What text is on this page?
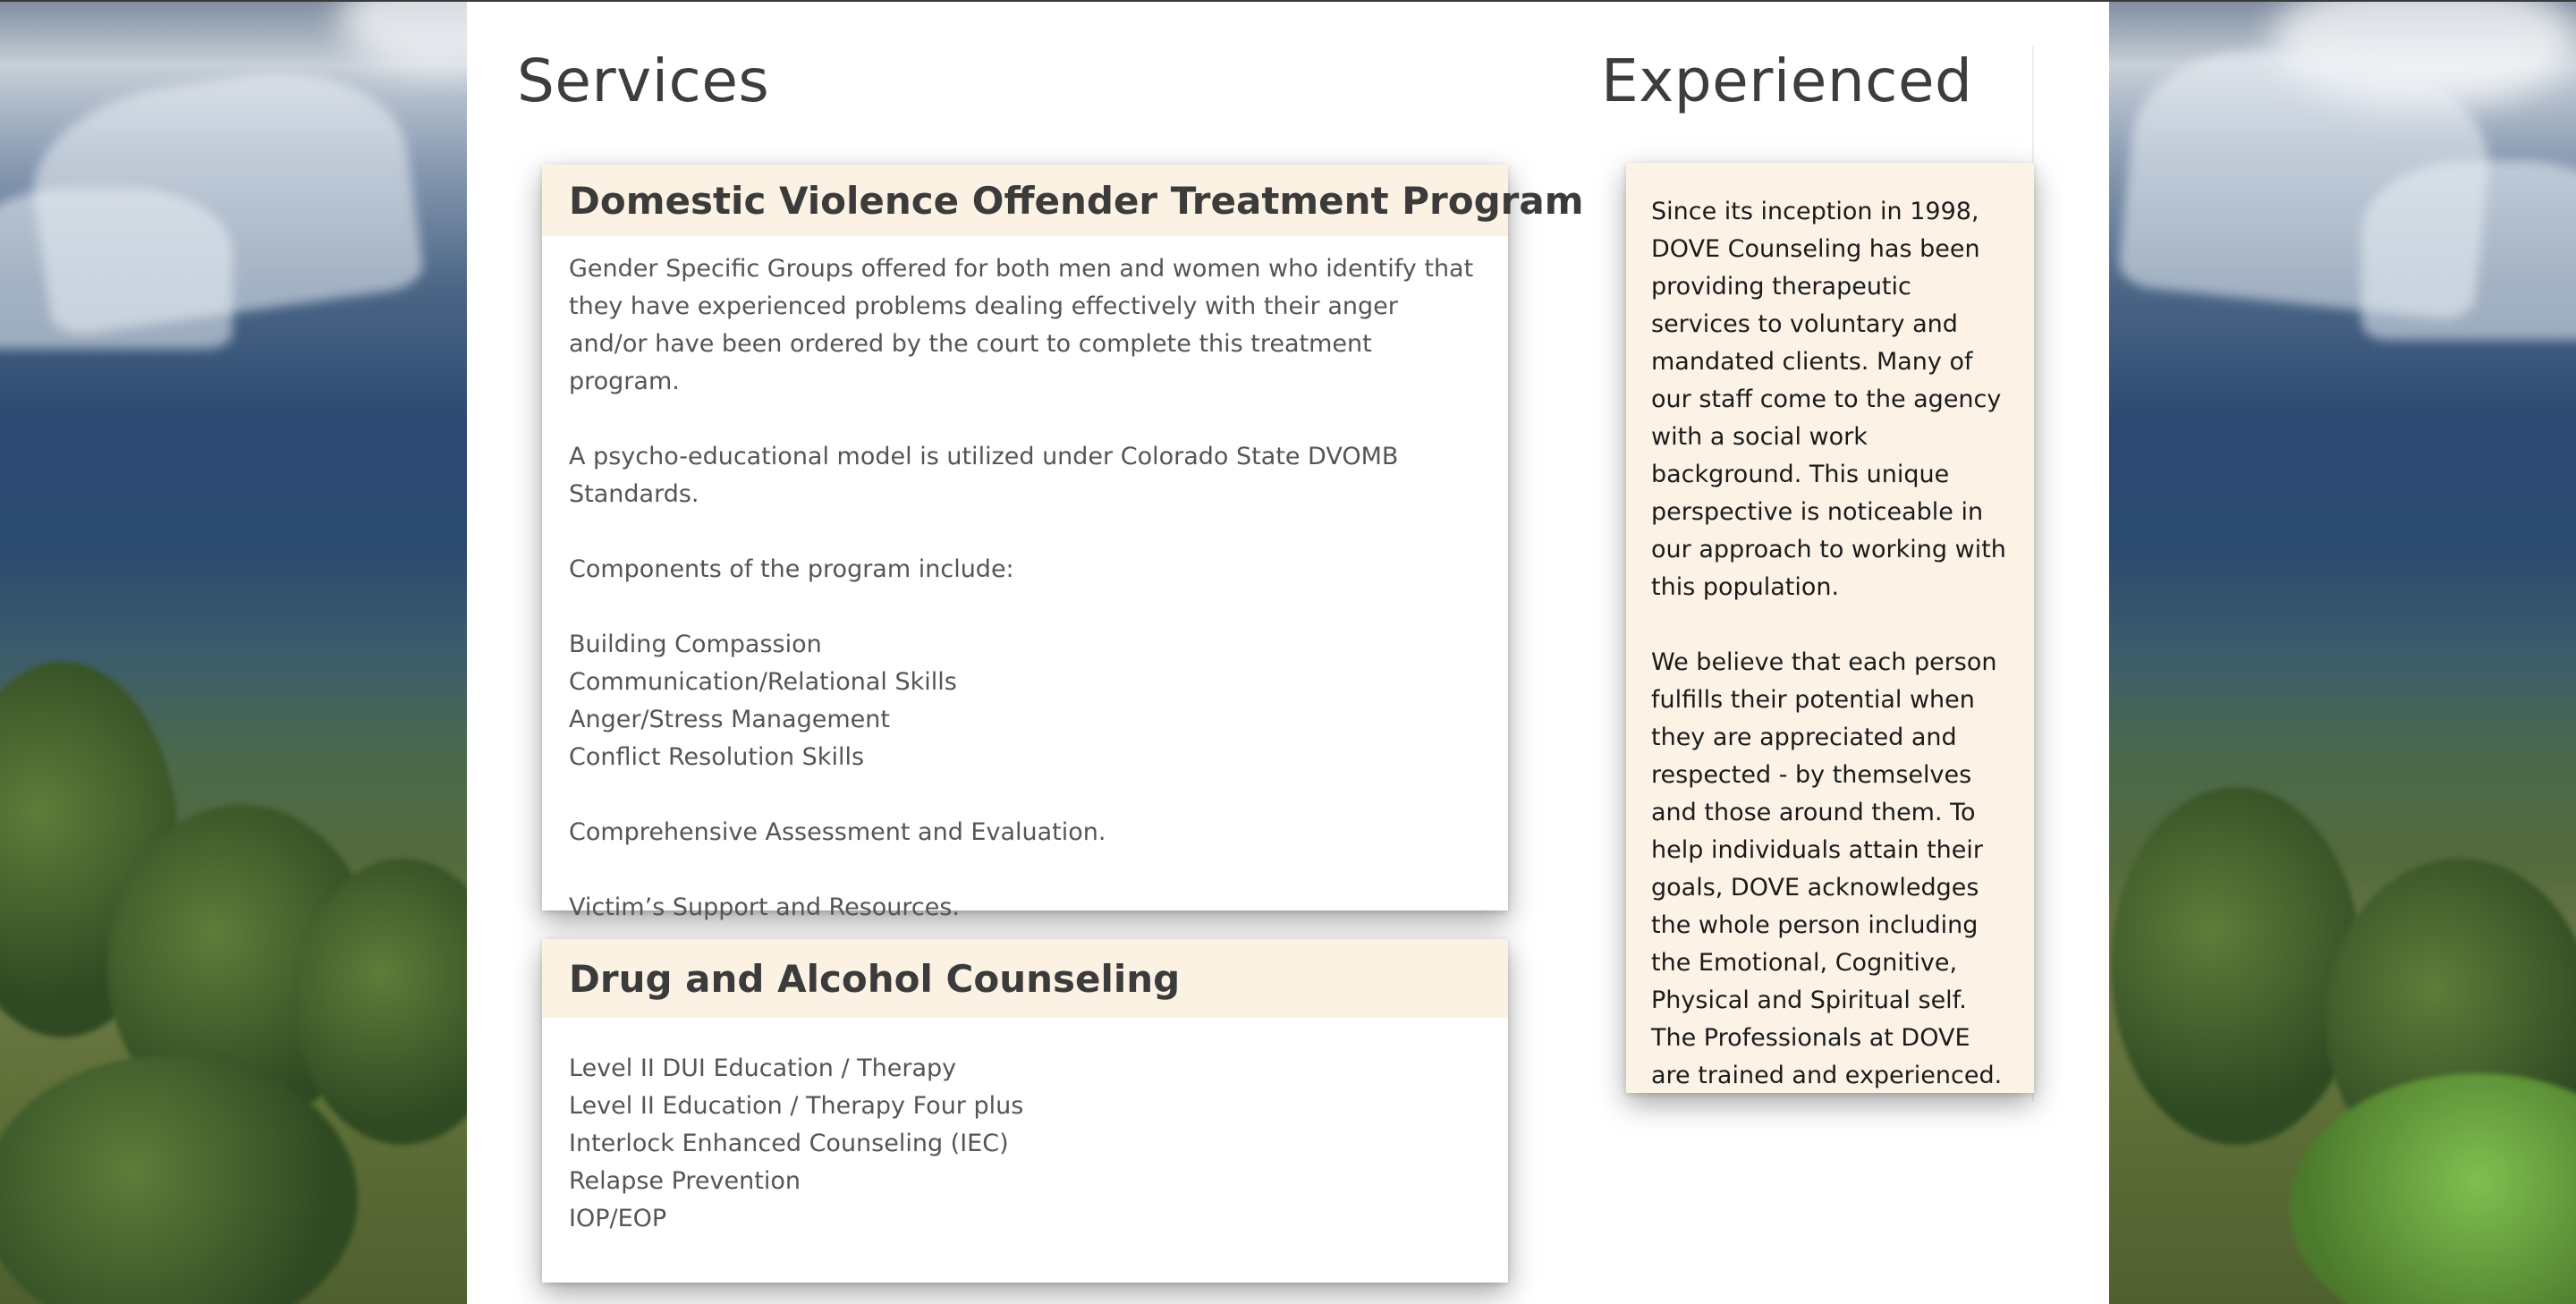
Services
Domestic Violence Offender Treatment Program

Gender Specific Groups offered for both men and women who identify that they have experienced problems dealing effectively with their anger and/or have been ordered by the court to complete this treatment program.

A psycho-educational model is utilized under Colorado State DVOMB Standards.

Components of the program include:

Building Compassion

Communication/Relational Skills

Anger/Stress Management

Conflict Resolution Skills

Comprehensive Assessment and Evaluation.

Victim’s Support and Resources.

Drug and Alcohol Counseling

Level II DUI Education / Therapy

Level II Education / Therapy Four plus

Interlock Enhanced Counseling (IEC)

Relapse Prevention

IOP/EOP

Experienced

Since its inception in 1998, DOVE Counseling has been providing therapeutic services to voluntary and mandated clients. Many of our staff come to the agency with a social work background. This unique perspective is noticeable in our approach to working with this population.

We believe that each person fulfills their potential when they are appreciated and respected - by themselves and those around them. To help individuals attain their goals, DOVE acknowledges the whole person including the Emotional, Cognitive, Physical and Spiritual self. The Professionals at DOVE are trained and experienced.
